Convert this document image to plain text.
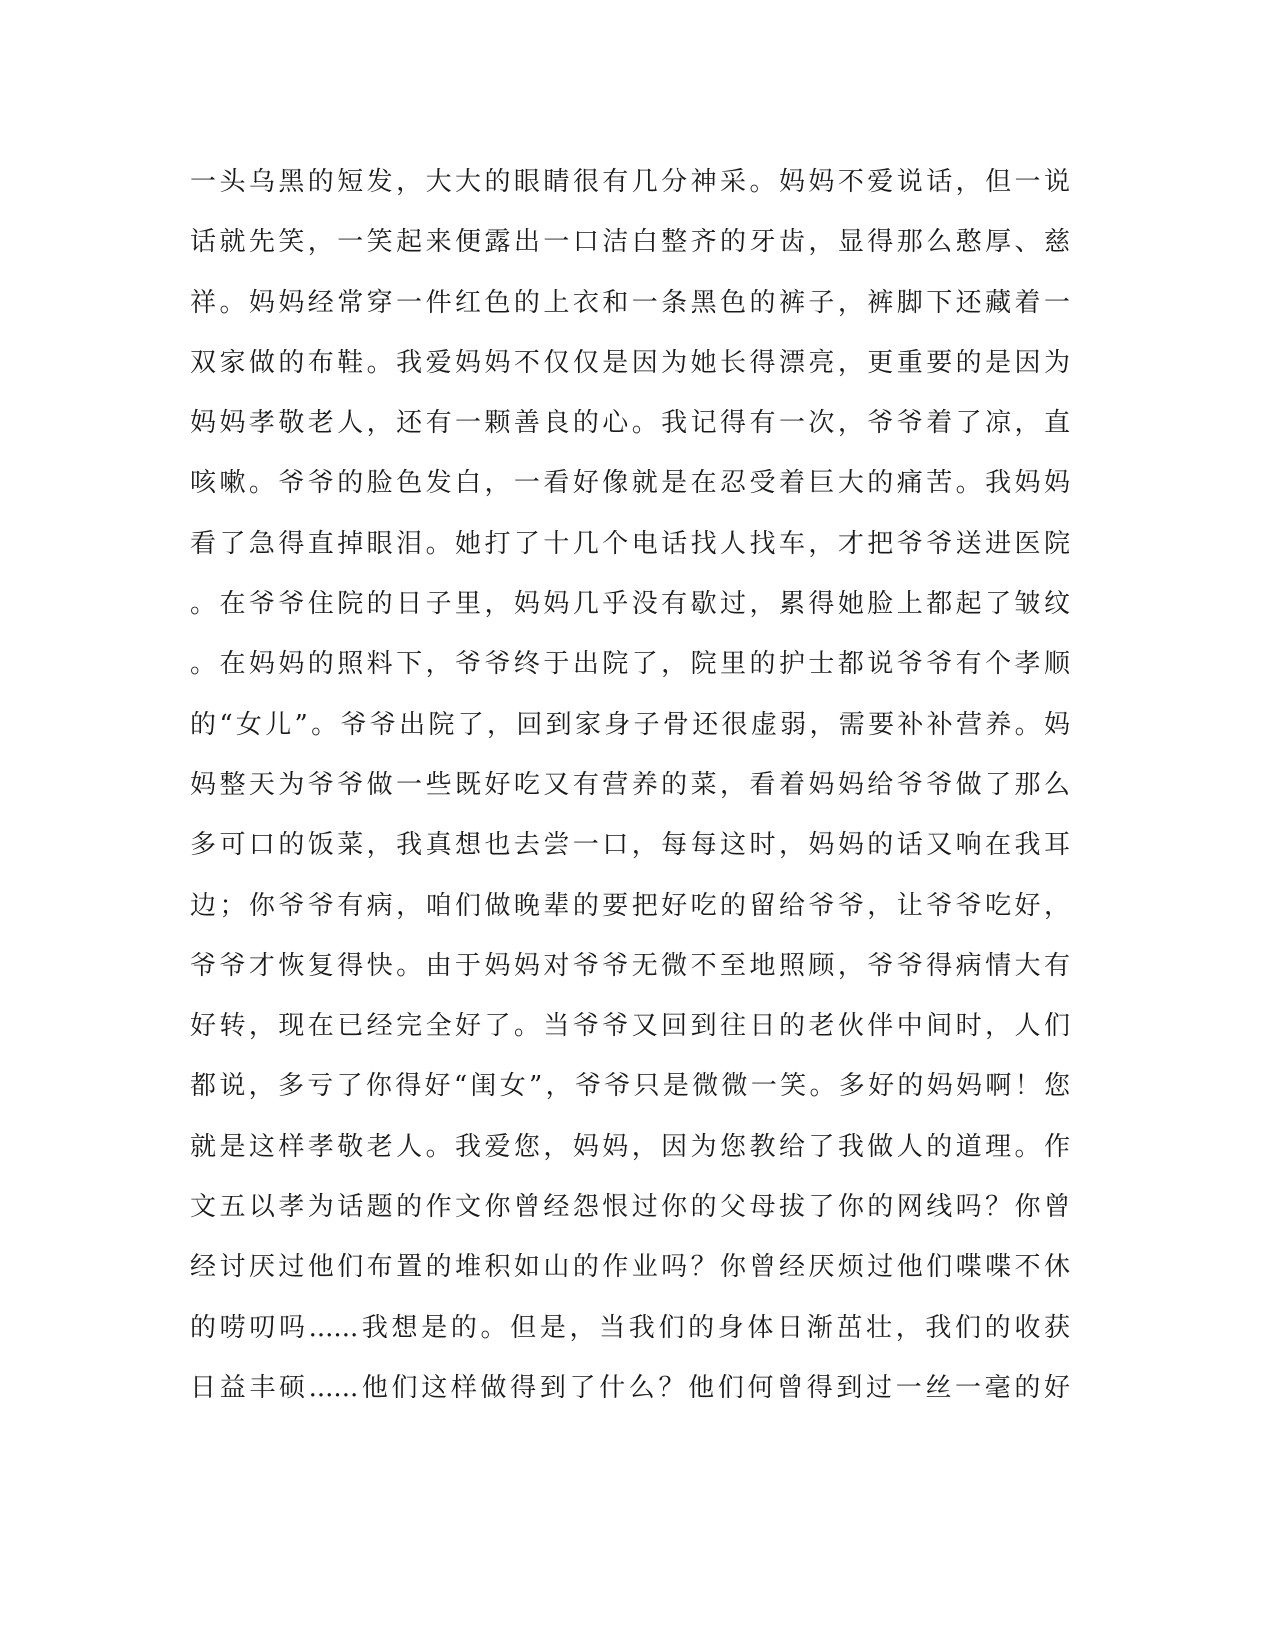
一头乌黑的短发，大大的眼睛很有几分神采。妈妈不爱说话，但一说
话就先笑，一笑起来便露出一口洁白整齐的牙齿，显得那么憨厚、慈
祥。妈妈经常穿一件红色的上衣和一条黑色的裤子，裤脚下还藏着一
双家做的布鞋。我爱妈妈不仅仅是因为她长得漂亮，更重要的是因为
妈妈孝敬老人，还有一颗善良的心。我记得有一次，爷爷着了凉，直
咳嗽。爷爷的脸色发白，一看好像就是在忍受着巨大的痛苦。我妈妈
看了急得直掉眼泪。她打了十几个电话找人找车，才把爷爷送进医院
。在爷爷住院的日子里，妈妈几乎没有歇过，累得她脸上都起了皱纹
。在妈妈的照料下，爷爷终于出院了，院里的护士都说爷爷有个孝顺
的“女儿”。爷爷出院了，回到家身子骨还很虚弱，需要补补营养。妈
妈整天为爷爷做一些既好吃又有营养的菜，看着妈妈给爷爷做了那么
多可口的饭菜，我真想也去尝一口，每每这时，妈妈的话又响在我耳
边；你爷爷有病，咱们做晚辈的要把好吃的留给爷爷，让爷爷吃好，
爷爷才恢复得快。由于妈妈对爷爷无微不至地照顾，爷爷得病情大有
好转，现在已经完全好了。当爷爷又回到往日的老伙伴中间时，人们
都说，多亏了你得好“闺女”，爷爷只是微微一笑。多好的妈妈啊！您
就是这样孝敬老人。我爱您，妈妈，因为您教给了我做人的道理。作
文五以孝为话题的作文你曾经怨恨过你的父母拔了你的网线吗？你曾
经讨厌过他们布置的堆积如山的作业吗？你曾经厌烦过他们喋喋不休
的唠叨吗......我想是的。但是，当我们的身体日渐茁壮，我们的收获
日益丰硕......他们这样做得到了什么？他们何曾得到过一丝一毫的好
